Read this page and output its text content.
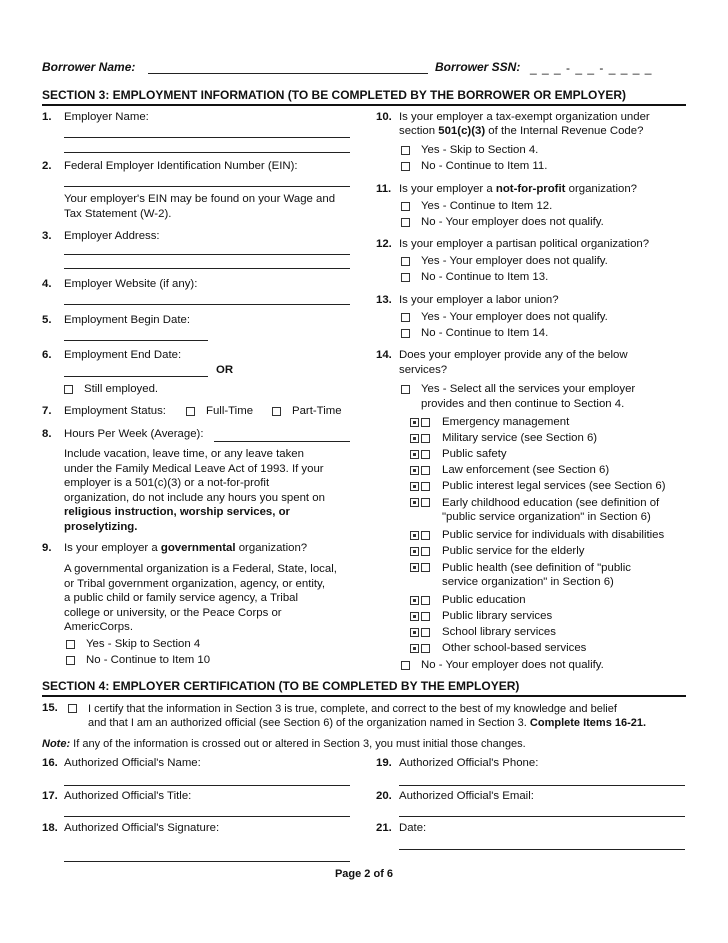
Borrower Name:	Borrower SSN: _ _ _ - _ _ - _ _ _ _
SECTION 3: EMPLOYMENT INFORMATION (TO BE COMPLETED BY THE BORROWER OR EMPLOYER)
1. Employer Name:
2. Federal Employer Identification Number (EIN):
Your employer's EIN may be found on your Wage and
Tax Statement (W-2).
3. Employer Address:
4. Employer Website (if any):
5. Employment Begin Date:
6. Employment End Date:
OR
Still employed.
7. Employment Status:	Full-Time	Part-Time
8. Hours Per Week (Average):
Include vacation, leave time, or any leave taken
under the Family Medical Leave Act of 1993. If your
employer is a 501(c)(3) or a not-for-profit
organization, do not include any hours you spent on
religious instruction, worship services, or
proselytizing.
9. Is your employer a governmental organization?
A governmental organization is a Federal, State, local,
or Tribal government organization, agency, or entity,
a public child or family service agency, a Tribal
college or university, or the Peace Corps or
AmericCorps.
Yes - Skip to Section 4
No - Continue to Item 10
10. Is your employer a tax-exempt organization under
section 501(c)(3) of the Internal Revenue Code?
Yes - Skip to Section 4.
No - Continue to Item 11.
11. Is your employer a not-for-profit organization?
Yes - Continue to Item 12.
No - Your employer does not qualify.
12. Is your employer a partisan political organization?
Yes - Your employer does not qualify.
No - Continue to Item 13.
13. Is your employer a labor union?
Yes - Your employer does not qualify.
No - Continue to Item 14.
14. Does your employer provide any of the below
services?
Yes - Select all the services your employer
provides and then continue to Section 4.
Emergency management
Military service (see Section 6)
Public safety
Law enforcement (see Section 6)
Public interest legal services (see Section 6)
Early childhood education (see definition of
"public service organization" in Section 6)
Public service for individuals with disabilities
Public service for the elderly
Public health (see definition of "public
service organization" in Section 6)
Public education
Public library services
School library services
Other school-based services
No - Your employer does not qualify.
SECTION 4: EMPLOYER CERTIFICATION (TO BE COMPLETED BY THE EMPLOYER)
15.	I certify that the information in Section 3 is true, complete, and correct to the best of my knowledge and belief
and that I am an authorized official (see Section 6) of the organization named in Section 3. Complete Items 16-21.
Note: If any of the information is crossed out or altered in Section 3, you must initial those changes.
16. Authorized Official's Name:	19. Authorized Official's Phone:
17. Authorized Official's Title:	20. Authorized Official's Email:
18. Authorized Official's Signature:	21. Date:
Page 2 of 6
